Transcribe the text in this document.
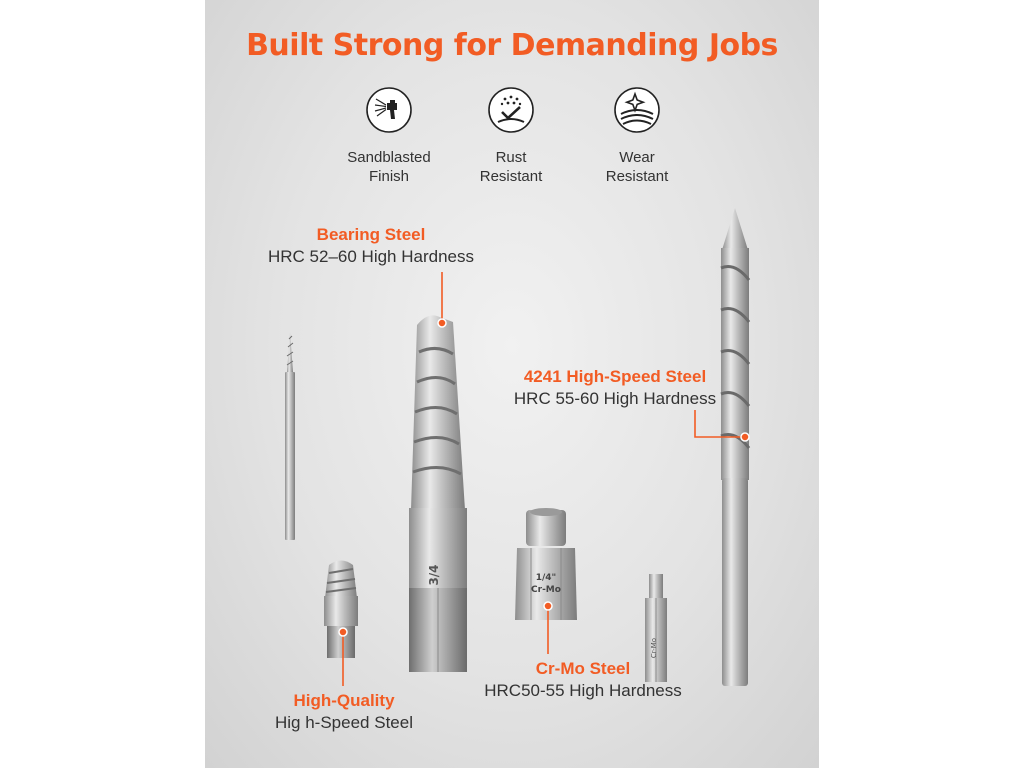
Built Strong for Demanding Jobs
Sandblasted
Finish
Rust
Resistant
Wear
Resistant
3/4	1/4"
Cr-Mo
Cr-Mo
Bearing Steel
HRC 52–60 High Hardness
4241 High-Speed Steel
HRC 55-60 High Hardness
Cr-Mo Steel
HRC50-55 High Hardness
High-Quality
Hig h-Speed Steel
